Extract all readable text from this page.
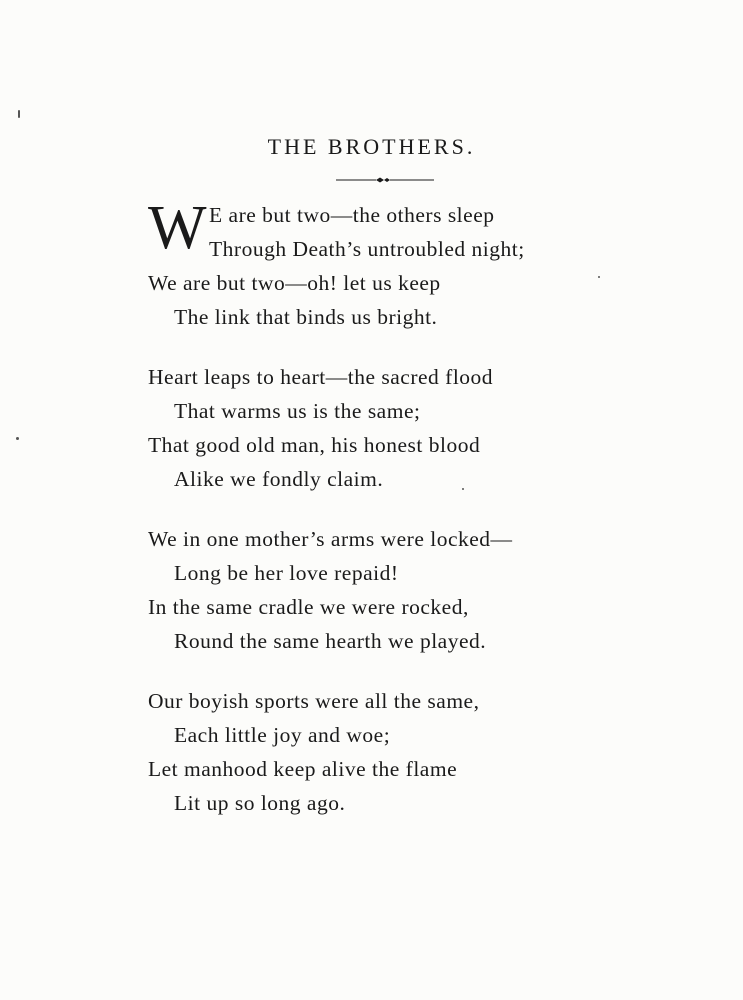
THE BROTHERS.
W E are but two—the others sleep
Through Death’s untroubled night;
We are but two—oh! let us keep
The link that binds us bright.
Heart leaps to heart—the sacred flood
That warms us is the same;
That good old man, his honest blood
Alike we fondly claim.
We in one mother’s arms were locked—
Long be her love repaid!
In the same cradle we were rocked,
Round the same hearth we played.
Our boyish sports were all the same,
Each little joy and woe;
Let manhood keep alive the flame
Lit up so long ago.
